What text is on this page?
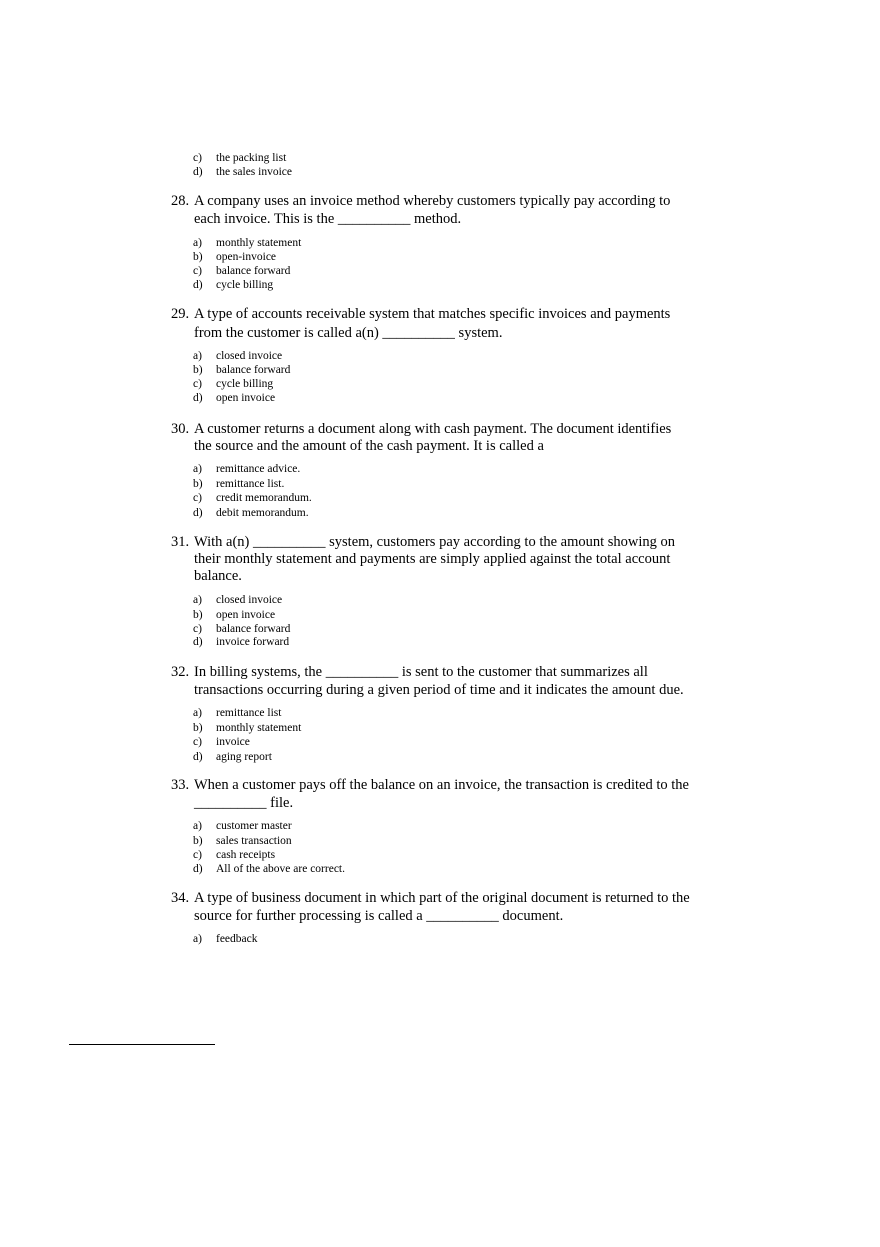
c) the packing list
d) the sales invoice
28. A company uses an invoice method whereby customers typically pay according to
each invoice. This is the __________ method.
a) monthly statement
b) open-invoice
c) balance forward
d) cycle billing
29. A type of accounts receivable system that matches specific invoices and payments
from the customer is called a(n) __________ system.
a) closed invoice
b) balance forward
c) cycle billing
d) open invoice
30. A customer returns a document along with cash payment. The document identifies
the source and the amount of the cash payment. It is called a
a) remittance advice.
b) remittance list.
c) credit memorandum.
d) debit memorandum.
31. With a(n) __________ system, customers pay according to the amount showing on
their monthly statement and payments are simply applied against the total account
balance.
a) closed invoice
b) open invoice
c) balance forward
d) invoice forward
32. In billing systems, the __________ is sent to the customer that summarizes all
transactions occurring during a given period of time and it indicates the amount due.
a) remittance list
b) monthly statement
c) invoice
d) aging report
33. When a customer pays off the balance on an invoice, the transaction is credited to the
__________ file.
a) customer master
b) sales transaction
c) cash receipts
d) All of the above are correct.
34. A type of business document in which part of the original document is returned to the
source for further processing is called a __________ document.
a) feedback
